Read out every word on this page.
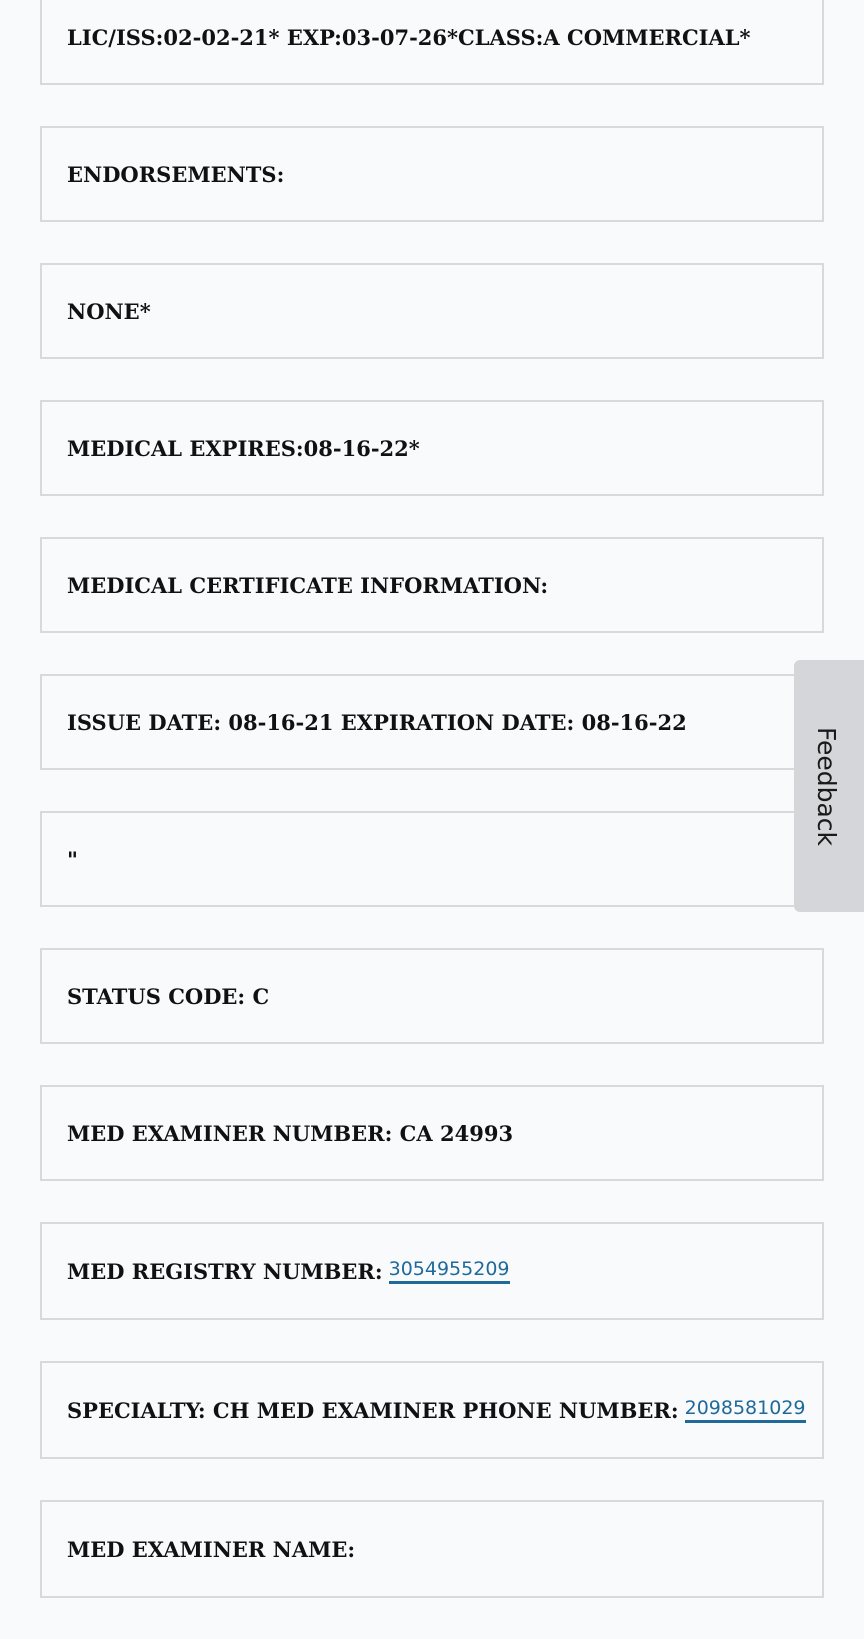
LIC/ISS:02-02-21* EXP:03-07-26*CLASS:A COMMERCIAL*
ENDORSEMENTS:
NONE*
MEDICAL EXPIRES:08-16-22*
MEDICAL CERTIFICATE INFORMATION:
ISSUE DATE: 08-16-21 EXPIRATION DATE: 08-16-22
"
STATUS CODE: C
MED EXAMINER NUMBER: CA 24993
MED REGISTRY NUMBER: 3054955209
SPECIALTY: CH MED EXAMINER PHONE NUMBER: 2098581029
MED EXAMINER NAME:
Feedback
